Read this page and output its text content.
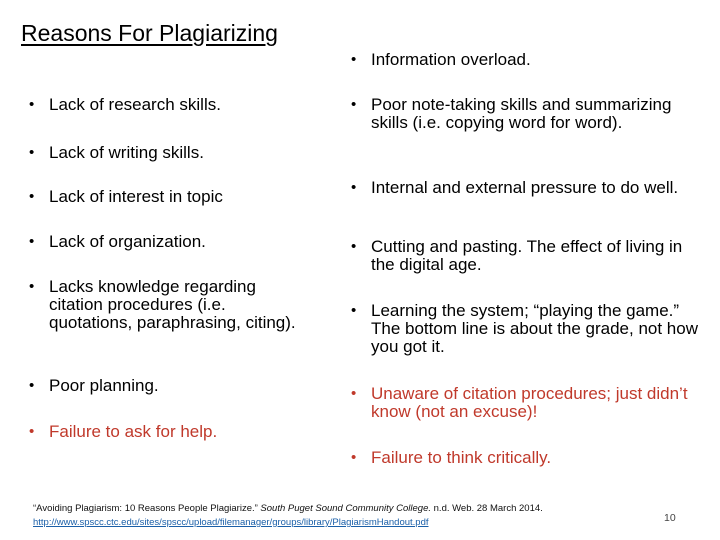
Reasons For Plagiarizing
• Lack of research skills.
• Lack of writing skills.
• Lack of interest in topic
• Lack of organization.
• Lacks knowledge regarding citation procedures (i.e. quotations, paraphrasing, citing).
• Poor planning.
• Failure to ask for help.
• Information overload.
• Poor note-taking skills and summarizing skills (i.e. copying word for word).
• Internal and external pressure to do well.
• Cutting and pasting. The effect of living in the digital age.
• Learning the system; “playing the game.” The bottom line is about the grade, not how you got it.
• Unaware of citation procedures; just didn’t know (not an excuse)!
• Failure to think critically.
“Avoiding Plagiarism: 10 Reasons People Plagiarize.” South Puget Sound Community College. n.d. Web. 28 March 2014.
http://www.spscc.ctc.edu/sites/spscc/upload/filemanager/groups/library/PlagiarismHandout.pdf	10
